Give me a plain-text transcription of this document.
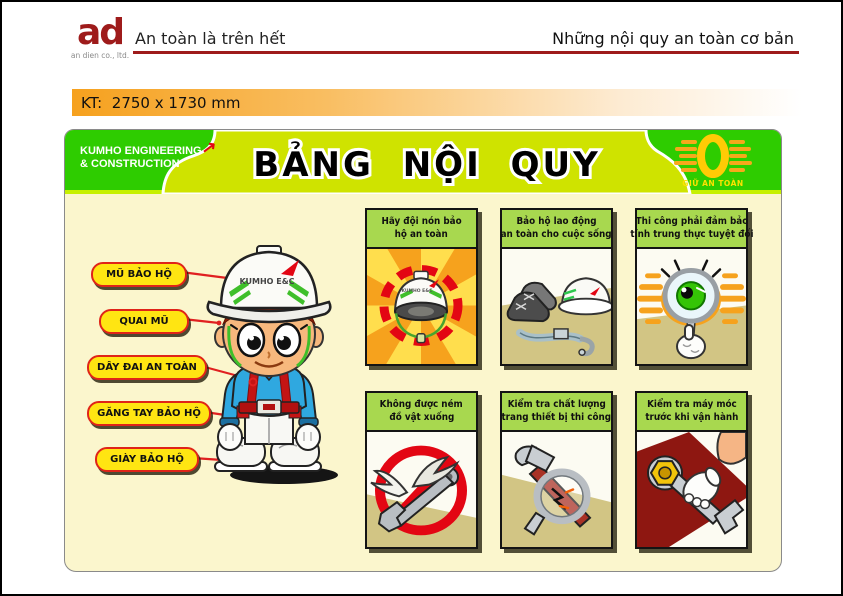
ad
an dien co., ltd.
An toàn là trên hết	Những nội quy an toàn cơ bản
KT:  2750 x 1730 mm
BẢNG NỘI QUY
KUMHO ENGINEERING
& CONSTRUCTION
↗
GIỮ AN TOÀN
KUMHO E&C
MŨ BẢO HỘ
QUAI MŨ
DÂY ĐAI AN TOÀN
GĂNG TAY BẢO HỘ
GIÀY BẢO HỘ
Hãy đội nón bảo
hộ an toàn
KUMHO E&C
Bảo hộ lao động
an toàn cho cuộc sống
Thi công phải đảm bảo
tính trung thực tuyệt đối
Không được ném
đồ vật xuống
Kiểm tra chất lượng
trang thiết bị thi công
Kiểm tra máy móc
trước khi vận hành
